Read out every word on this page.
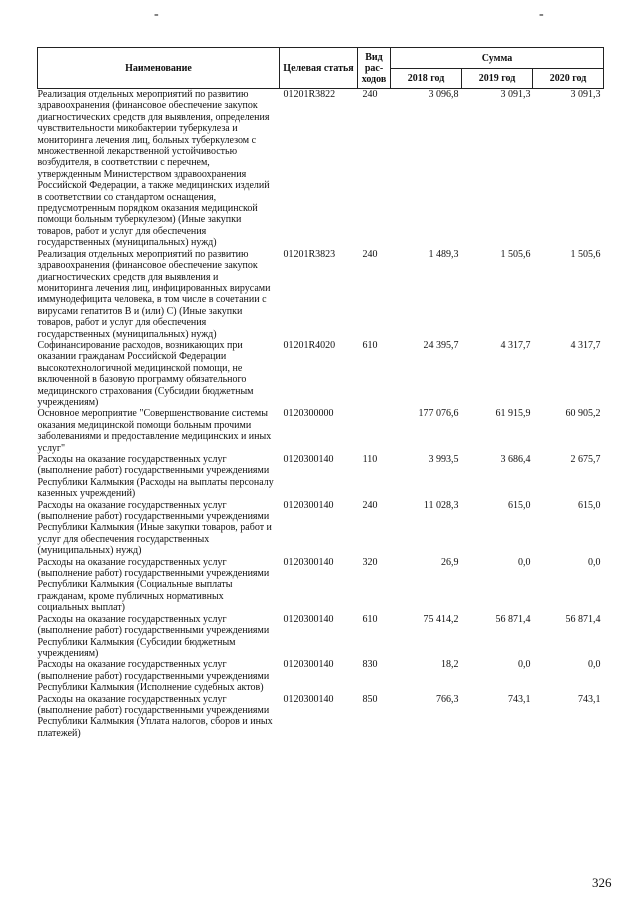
-	-
Наименование	Целевая статья	Вид рас-ходов	Сумма		
			2018 год	2019 год	2020 год
Реализация отдельных мероприятий по развитию здравоохранения (финансовое обеспечение закупок диагностических средств для выявления, определения чувствительности микобактерии туберкулеза и мониторинга лечения лиц, больных туберкулезом с множественной лекарственной устойчивостью возбудителя, в соответствии с перечнем, утвержденным Министерством здравоохранения Российской Федерации, а также медицинских изделий в соответствии со стандартом оснащения, предусмотренным порядком оказания медицинской помощи больным туберкулезом) (Иные закупки товаров, работ и услуг для обеспечения государственных (муниципальных) нужд)	01201R3822	240	3 096,8	3 091,3	3 091,3
Реализация отдельных мероприятий по развитию здравоохранения (финансовое обеспечение закупок диагностических средств для выявления и мониторинга лечения лиц, инфицированных вирусами иммунодефицита человека, в том числе в сочетании с вирусами гепатитов B и (или) C) (Иные закупки товаров, работ и услуг для обеспечения государственных (муниципальных) нужд)	01201R3823	240	1 489,3	1 505,6	1 505,6
Софинансирование расходов, возникающих при оказании гражданам Российской Федерации высокотехнологичной медицинской помощи, не включенной в базовую программу обязательного медицинского страхования (Субсидии бюджетным учреждениям)	01201R4020	610	24 395,7	4 317,7	4 317,7
Основное мероприятие "Совершенствование системы оказания медицинской помощи больным прочими заболеваниями и предоставление медицинских и иных услуг"	0120300000		177 076,6	61 915,9	60 905,2
Расходы на оказание государственных услуг (выполнение работ) государственными учреждениями Республики Калмыкия (Расходы на выплаты персоналу казенных учреждений)	0120300140	110	3 993,5	3 686,4	2 675,7
Расходы на оказание государственных услуг (выполнение работ) государственными учреждениями Республики Калмыкия (Иные закупки товаров, работ и услуг для обеспечения государственных (муниципальных) нужд)	0120300140	240	11 028,3	615,0	615,0
Расходы на оказание государственных услуг (выполнение работ) государственными учреждениями Республики Калмыкия (Социальные выплаты гражданам, кроме публичных нормативных социальных выплат)	0120300140	320	26,9	0,0	0,0
Расходы на оказание государственных услуг (выполнение работ) государственными учреждениями Республики Калмыкия (Субсидии бюджетным учреждениям)	0120300140	610	75 414,2	56 871,4	56 871,4
Расходы на оказание государственных услуг (выполнение работ) государственными учреждениями Республики Калмыкия (Исполнение судебных актов)	0120300140	830	18,2	0,0	0,0
Расходы на оказание государственных услуг (выполнение работ) государственными учреждениями Республики Калмыкия (Уплата налогов, сборов и иных платежей)	0120300140	850	766,3	743,1	743,1
326
